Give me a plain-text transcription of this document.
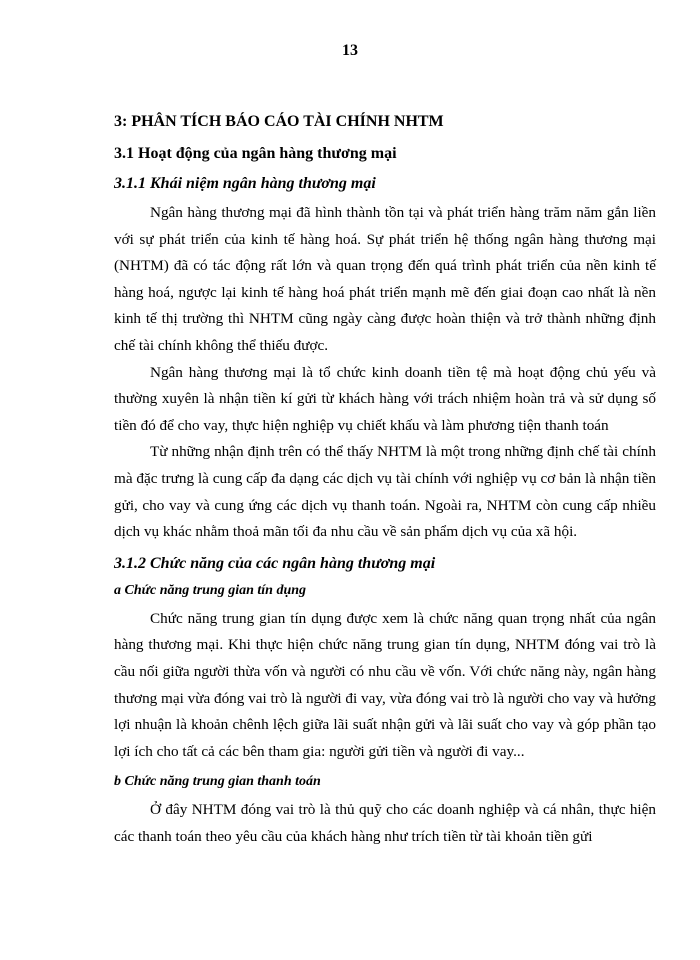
13
3: PHÂN TÍCH BÁO CÁO TÀI CHÍNH NHTM
3.1 Hoạt động của ngân hàng thương mại
3.1.1 Khái niệm ngân hàng thương mại

Ngân hàng thương mại đã hình thành tồn tại và phát triển hàng trăm năm gắn liền với sự phát triển của kinh tế hàng hoá. Sự phát triển hệ thống ngân hàng thương mại (NHTM) đã có tác động rất lớn và quan trọng đến quá trình phát triển của nền kinh tế hàng hoá, ngược lại kinh tế hàng hoá phát triển mạnh mẽ đến giai đoạn cao nhất là nền kinh tế thị trường thì NHTM cũng ngày càng được hoàn thiện và trở thành những định chế tài chính không thể thiếu được.

Ngân hàng thương mại là tổ chức kinh doanh tiền tệ mà hoạt động chủ yếu và thường xuyên là nhận tiền kí gửi từ khách hàng với trách nhiệm hoàn trả và sử dụng số tiền đó để cho vay, thực hiện nghiệp vụ chiết khấu và làm phương tiện thanh toán

Từ những nhận định trên có thể thấy NHTM là một trong những định chế tài chính mà đặc trưng là cung cấp đa dạng các dịch vụ tài chính với nghiệp vụ cơ bản là nhận tiền gửi, cho vay và cung ứng các dịch vụ thanh toán. Ngoài ra, NHTM còn cung cấp nhiều dịch vụ khác nhằm thoả mãn tối đa nhu cầu về sản phẩm dịch vụ của xã hội.

3.1.2 Chức năng của các ngân hàng thương mại
a Chức năng trung gian tín dụng

Chức năng trung gian tín dụng được xem là chức năng quan trọng nhất của ngân hàng thương mại. Khi thực hiện chức năng trung gian tín dụng, NHTM đóng vai trò là cầu nối giữa người thừa vốn và người có nhu cầu về vốn. Với chức năng này, ngân hàng thương mại vừa đóng vai trò là người đi vay, vừa đóng vai trò là người cho vay và hưởng lợi nhuận là khoản chênh lệch giữa lãi suất nhận gửi và lãi suất cho vay và góp phần tạo lợi ích cho tất cả các bên tham gia: người gửi tiền và người đi vay...

b Chức năng trung gian thanh toán

Ở đây NHTM đóng vai trò là thủ quỹ cho các doanh nghiệp và cá nhân, thực hiện các thanh toán theo yêu cầu của khách hàng như trích tiền từ tài khoản tiền gửi
